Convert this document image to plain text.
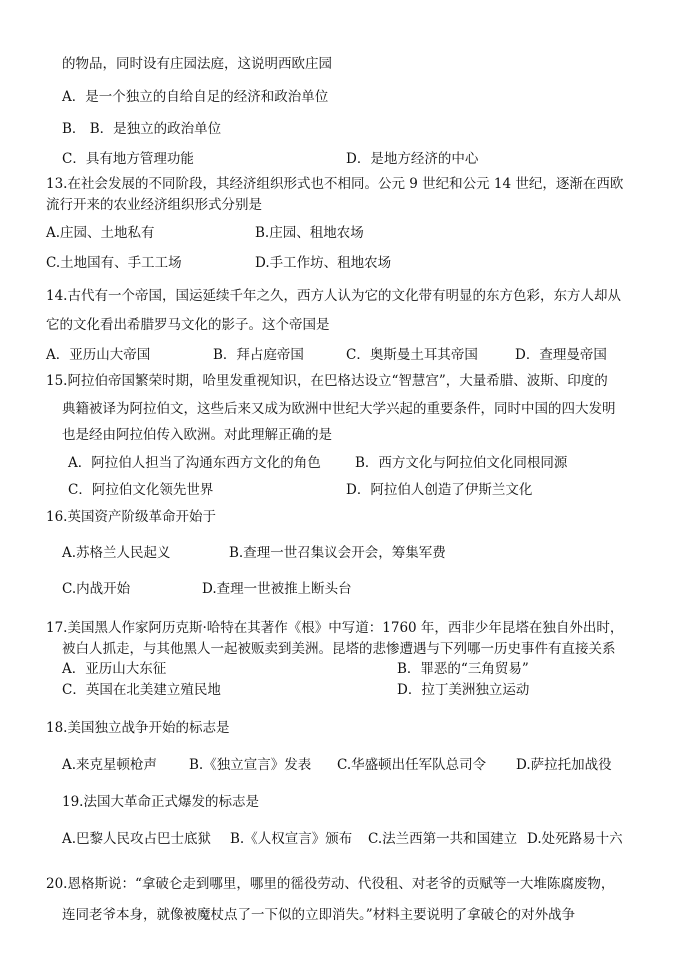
的物品，同时设有庄园法庭，这说明西欧庄园
A．是一个独立的自给自足的经济和政治单位
B． B．是独立的政治单位
C．具有地方管理功能	D．是地方经济的中心
13.在社会发展的不同阶段，其经济组织形式也不相同。公元 9 世纪和公元 14 世纪，逐渐在西欧
流行开来的农业经济组织形式分别是
A.庄园、土地私有	B.庄园、租地农场
C.土地国有、手工工场	D.手工作坊、租地农场
14.古代有一个帝国，国运延续千年之久，西方人认为它的文化带有明显的东方色彩，东方人却从
它的文化看出希腊罗马文化的影子。这个帝国是
A．亚历山大帝国	B．拜占庭帝国	C．奥斯曼土耳其帝国	D．查理曼帝国
15.阿拉伯帝国繁荣时期，哈里发重视知识，在巴格达设立“智慧宫”，大量希腊、波斯、印度的
典籍被译为阿拉伯文，这些后来又成为欧洲中世纪大学兴起的重要条件，同时中国的四大发明
也是经由阿拉伯传入欧洲。对此理解正确的是
A．阿拉伯人担当了沟通东西方文化的角色	B．西方文化与阿拉伯文化同根同源
C．阿拉伯文化领先世界	D．阿拉伯人创造了伊斯兰文化
16.英国资产阶级革命开始于
A.苏格兰人民起义	B.查理一世召集议会开会，筹集军费
C.内战开始	D.查理一世被推上断头台
17.美国黑人作家阿历克斯·哈特在其著作《根》中写道：1760 年，西非少年昆塔在独自外出时，
被白人抓走，与其他黑人一起被贩卖到美洲。昆塔的悲惨遭遇与下列哪一历史事件有直接关系
A．亚历山大东征	B．罪恶的“三角贸易”
C．英国在北美建立殖民地	D．拉丁美洲独立运动
18.美国独立战争开始的标志是
A.来克星顿枪声 B.《独立宣言》发表 C.华盛顿出任军队总司令 D.萨拉托加战役
19.法国大革命正式爆发的标志是
A.巴黎人民攻占巴士底狱 B.《人权宣言》颁布 C.法兰西第一共和国建立 D.处死路易十六
20.恩格斯说：“拿破仑走到哪里，哪里的徭役劳动、代役租、对老爷的贡赋等一大堆陈腐废物，
连同老爷本身，就像被魔杖点了一下似的立即消失。”材料主要说明了拿破仑的对外战争
